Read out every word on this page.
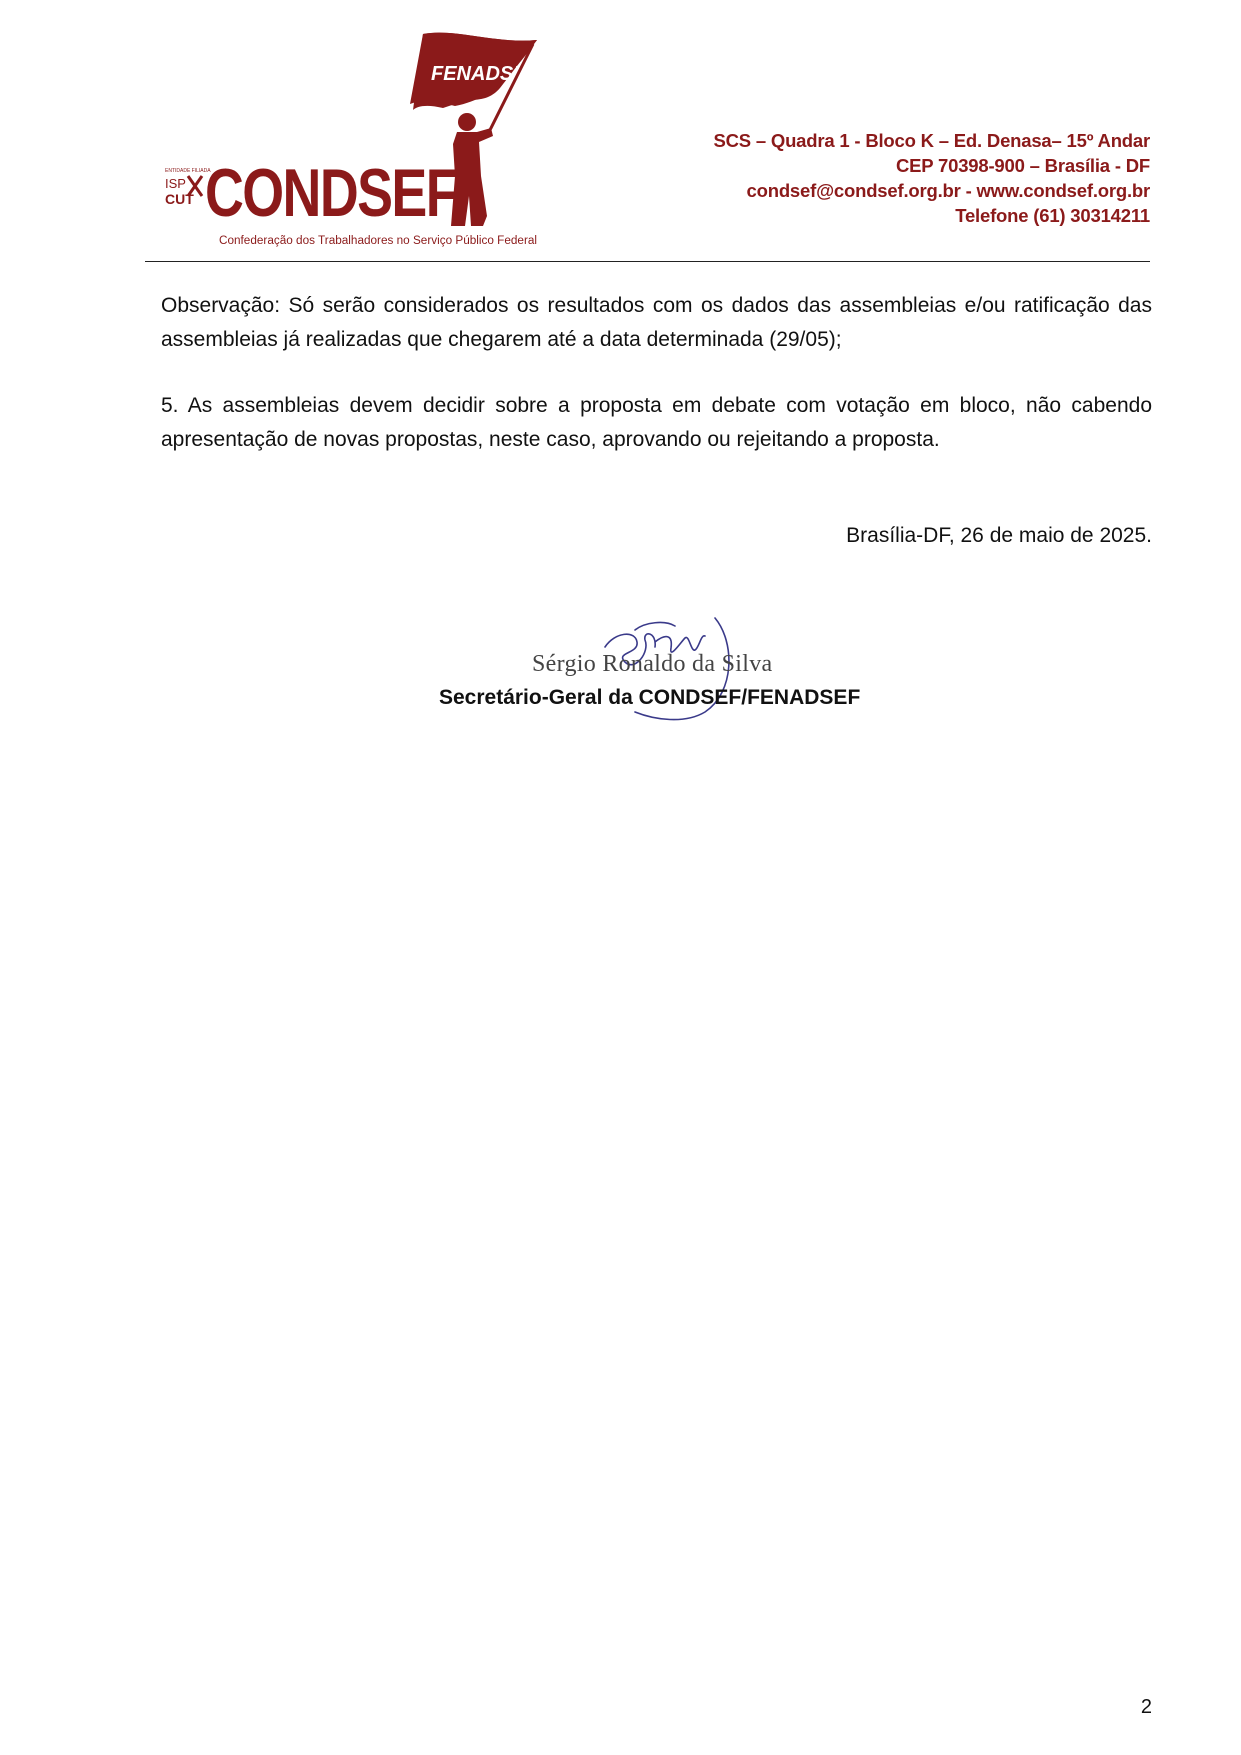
FENADSEF
ENTIDADE FILIADA
ISP
CUT CONDSEF
Confederação dos Trabalhadores no Serviço Público Federal
SCS – Quadra 1 - Bloco K – Ed. Denasa– 15º Andar
CEP 70398-900 – Brasília - DF
condsef@condsef.org.br - www.condsef.org.br
Telefone (61) 30314211
Observação: Só serão considerados os resultados com os dados das assembleias e/ou ratificação das assembleias já realizadas que chegarem até a data determinada (29/05);
5. As assembleias devem decidir sobre a proposta em debate com votação em bloco, não cabendo apresentação de novas propostas, neste caso, aprovando ou rejeitando a proposta.
Brasília-DF, 26 de maio de 2025.
Sérgio Ronaldo da Silva
Secretário-Geral da CONDSEF/FENADSEF
2
